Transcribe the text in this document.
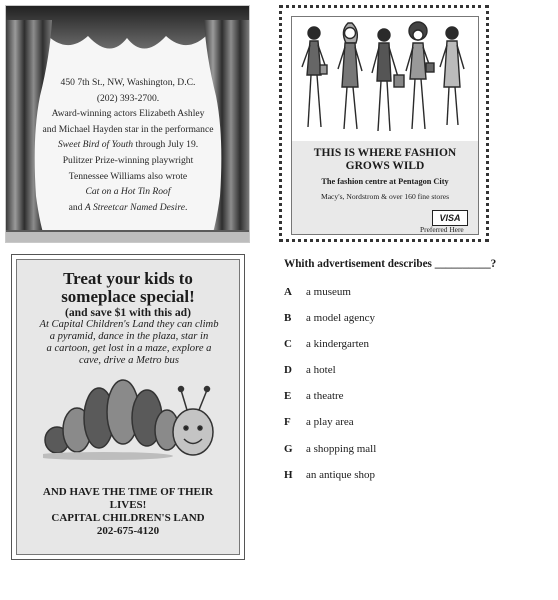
450 7th St., NW, Washington, D.C.
(202) 393-2700.
Award-winning actors Elizabeth Ashley
and Michael Hayden star in the performance
Sweet Bird of Youth through July 19.
Pulitzer Prize-winning playwright
Tennessee Williams also wrote
Cat on a Hot Tin Roof
and A Streetcar Named Desire.
THIS IS WHERE FASHION
GROWS WILD
The fashion centre at Pentagon City
Macy's, Nordstrom & over 160 fine stores
VISA
Preferred Here
Treat your kids to
someplace special!
(and save $1 with this ad)
At Capital Children's Land they can climb
a pyramid, dance in the plaza, star in
a cartoon, get lost in a maze, explore a
cave, drive a Metro bus
AND HAVE THE TIME OF THEIR
LIVES!
CAPITAL CHILDREN'S LAND
202-675-4120
Whith advertisement describes __________?
A a museum
B a model agency
C a kindergarten
D a hotel
E a theatre
F a play area
G a shopping mall
H an antique shop
